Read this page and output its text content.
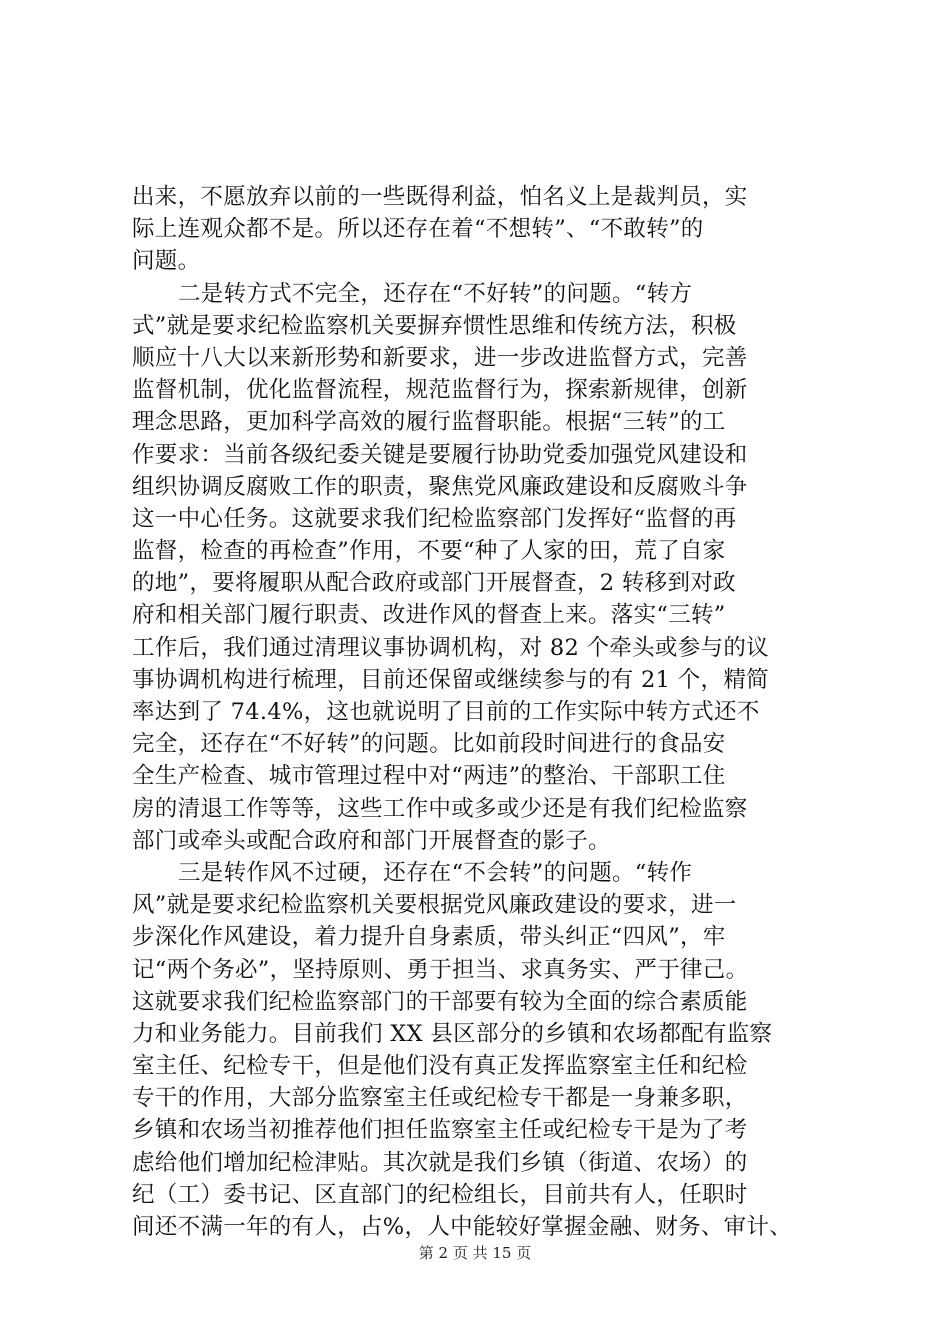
出来，不愿放弃以前的一些既得利益，怕名义上是裁判员，实
际上连观众都不是。所以还存在着“不想转”、“不敢转”的
问题。
二是转方式不完全，还存在“不好转”的问题。“转方
式”就是要求纪检监察机关要摒弃惯性思维和传统方法，积极
顺应十八大以来新形势和新要求，进一步改进监督方式，完善
监督机制，优化监督流程，规范监督行为，探索新规律，创新
理念思路，更加科学高效的履行监督职能。根据“三转”的工
作要求：当前各级纪委关键是要履行协助党委加强党风建设和
组织协调反腐败工作的职责，聚焦党风廉政建设和反腐败斗争
这一中心任务。这就要求我们纪检监察部门发挥好“监督的再
监督，检查的再检查”作用，不要“种了人家的田，荒了自家
的地”，要将履职从配合政府或部门开展督查，2 转移到对政
府和相关部门履行职责、改进作风的督查上来。落实“三转”
工作后，我们通过清理议事协调机构，对 82 个牵头或参与的议
事协调机构进行梳理，目前还保留或继续参与的有 21 个，精简
率达到了 74.4%，这也就说明了目前的工作实际中转方式还不
完全，还存在“不好转”的问题。比如前段时间进行的食品安
全生产检查、城市管理过程中对“两违”的整治、干部职工住
房的清退工作等等，这些工作中或多或少还是有我们纪检监察
部门或牵头或配合政府和部门开展督查的影子。
三是转作风不过硬，还存在“不会转”的问题。“转作
风”就是要求纪检监察机关要根据党风廉政建设的要求，进一
步深化作风建设，着力提升自身素质，带头纠正“四风”，牢
记“两个务必”，坚持原则、勇于担当、求真务实、严于律己。
这就要求我们纪检监察部门的干部要有较为全面的综合素质能
力和业务能力。目前我们 XX 县区部分的乡镇和农场都配有监察
室主任、纪检专干，但是他们没有真正发挥监察室主任和纪检
专干的作用，大部分监察室主任或纪检专干都是一身兼多职，
乡镇和农场当初推荐他们担任监察室主任或纪检专干是为了考
虑给他们增加纪检津贴。其次就是我们乡镇（街道、农场）的
纪（工）委书记、区直部门的纪检组长，目前共有人，任职时
间还不满一年的有人，占%，人中能较好掌握金融、财务、审计、
第 2 页 共 15 页
